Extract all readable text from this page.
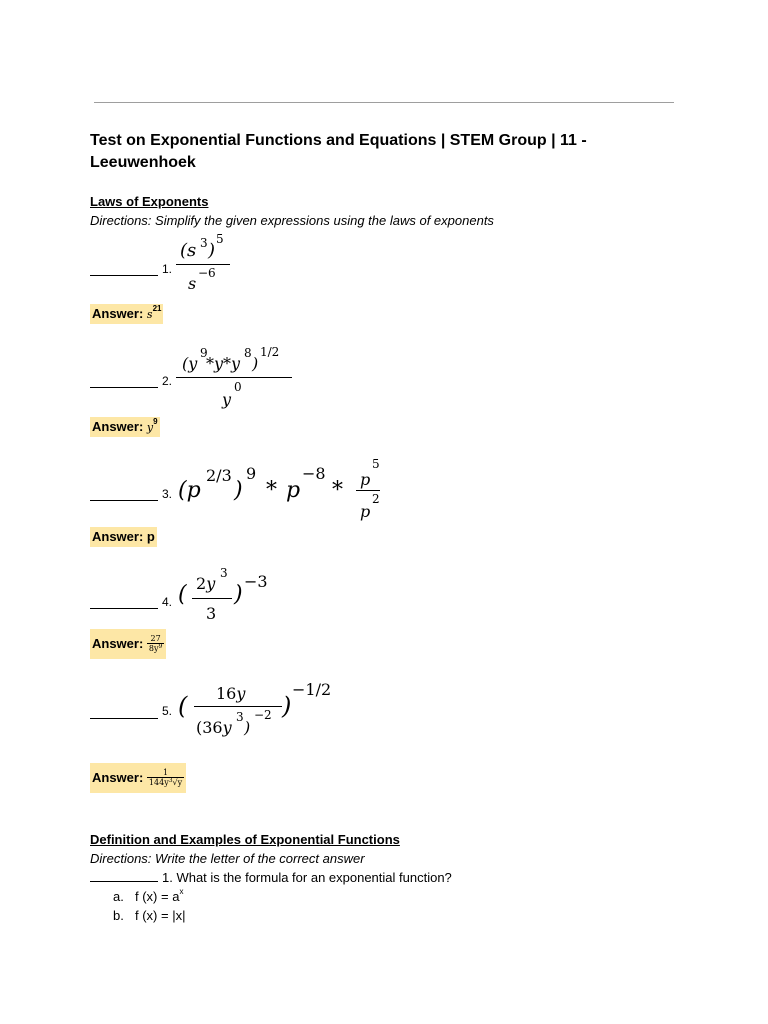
Test on Exponential Functions and Equations | STEM Group | 11 - Leeuwenhoek
Laws of Exponents
Directions: Simplify the given expressions using the laws of exponents
1.
(s 3 )
5
s
−6
Answer: $s^{21}$
2.
(y
9
*y*y
8
)
1/2
y
0
Answer: $y^9$
3. (p
2/3
)
9
* p
−8
* p
5
p
2
Answer: p
4. ( 2y
3
3
)
−3
Answer: $\frac{27}{8y^9}$
5. ( 16y
(36y
3
)
−2 )
−1/2
Answer: $\frac{1}{144y^3√y}$
Definition and Examples of Exponential Functions
Directions: Write the letter of the correct answer
1. What is the formula for an exponential function?
a. f $(x) = a^x$
b. f (x) = |x|
